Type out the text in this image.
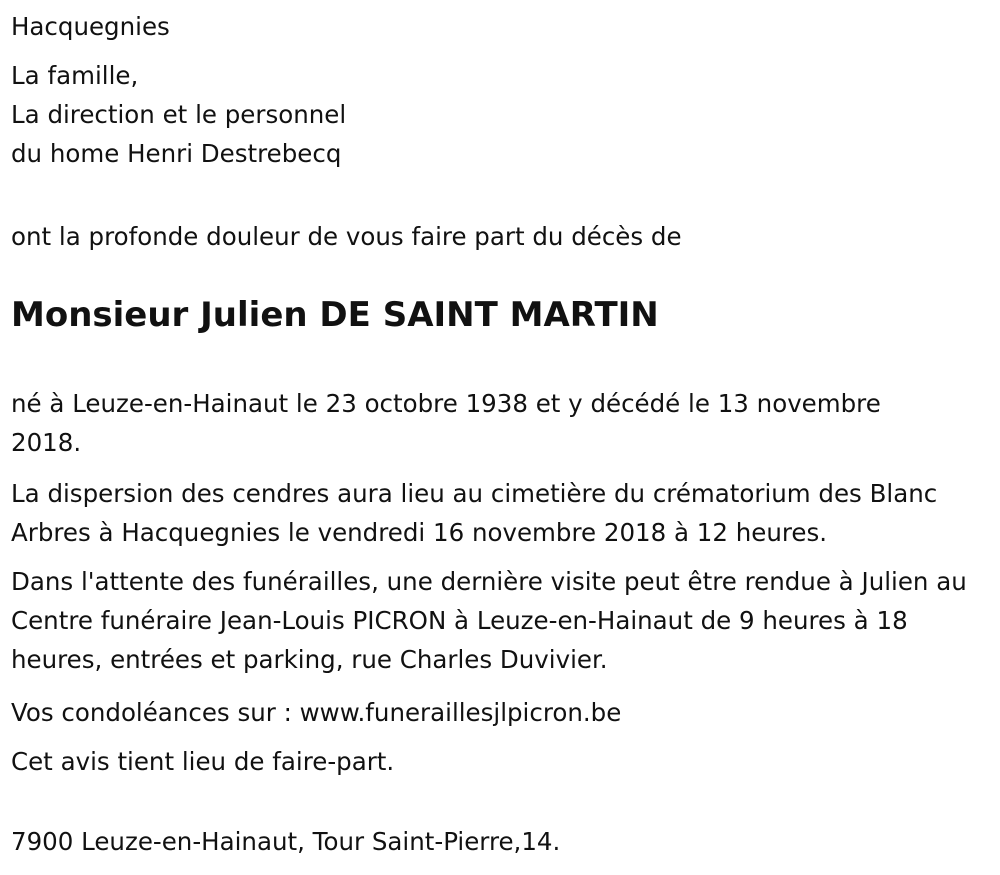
Hacquegnies

La famille,

La direction et le personnel

du home Henri Destrebecq

ont la profonde douleur de vous faire part du décès de

Monsieur Julien DE SAINT MARTIN

né à Leuze-en-Hainaut le 23 octobre 1938 et y décédé le 13 novembre 2018.

La dispersion des cendres aura lieu au cimetière du crématorium des Blanc Arbres à Hacquegnies le vendredi 16 novembre 2018 à 12 heures.

Dans l'attente des funérailles, une dernière visite peut être rendue à Julien au Centre funéraire Jean-Louis PICRON à Leuze-en-Hainaut de 9 heures à 18 heures, entrées et parking, rue Charles Duvivier.

Vos condoléances sur : www.funeraillesjlpicron.be

Cet avis tient lieu de faire-part.

7900 Leuze-en-Hainaut, Tour Saint-Pierre,14.
